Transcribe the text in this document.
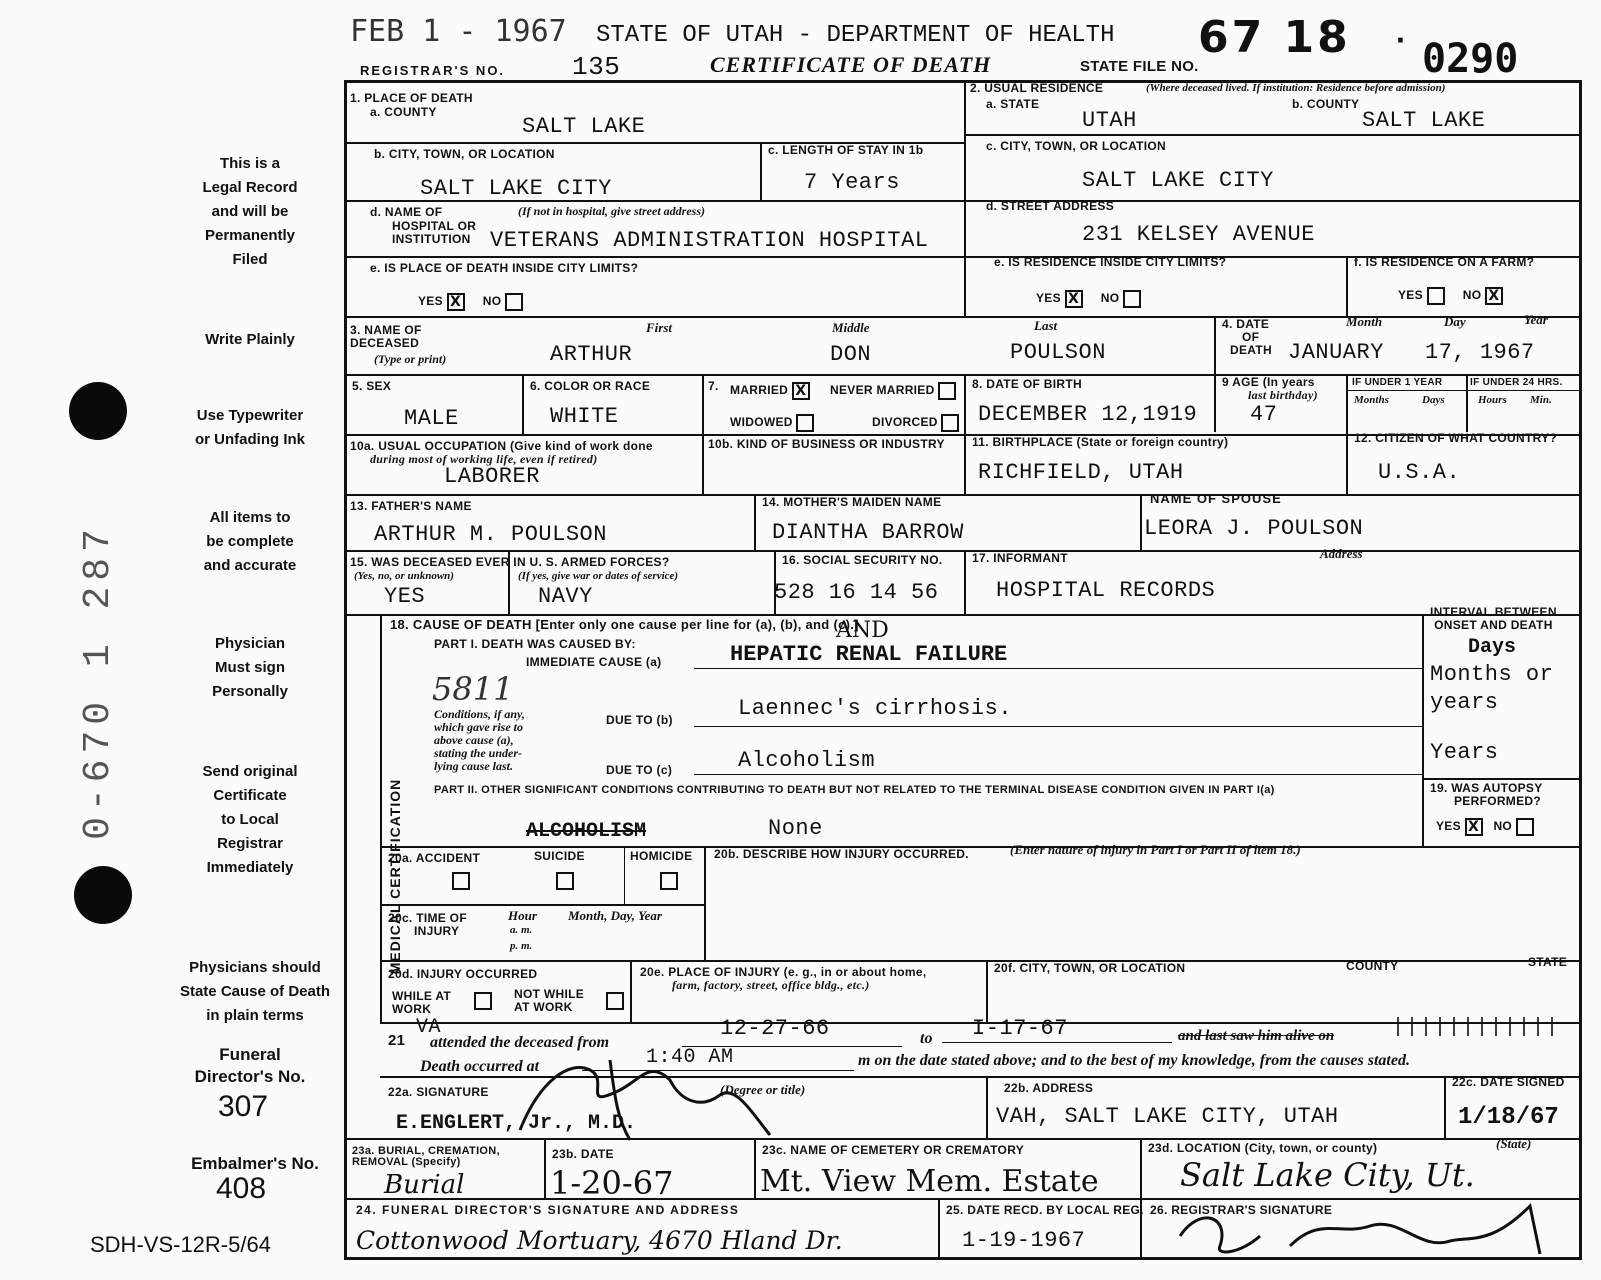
FEB 1 - 1967 STATE OF UTAH - DEPARTMENT OF HEALTH
REGISTRAR'S NO.	135	CERTIFICATE OF DEATH	STATE FILE NO.
67 18 · 0290
This is a
Legal Record
and will be
Permanently
Filed
Write Plainly
Use Typewriter
or Unfading Ink
All items to
be complete
and accurate
Physician
Must sign
Personally
Send original
Certificate
to Local
Registrar
Immediately
Physicians should
State Cause of Death
in plain terms
Funeral
Director's No.
307
Embalmer's No.
408
SDH-VS-12R-5/64
0-670 1 287
1. PLACE OF DEATH
a. COUNTY
SALT LAKE
2. USUAL RESIDENCE	(Where deceased lived. If institution: Residence before admission)
a. STATE
UTAH
b. COUNTY
SALT LAKE
b. CITY, TOWN, OR LOCATION
SALT LAKE CITY
c. LENGTH OF STAY IN 1b
7 Years
c. CITY, TOWN, OR LOCATION
SALT LAKE CITY
d. NAME OF
HOSPITAL OR
INSTITUTION
(If not in hospital, give street address)
VETERANS ADMINISTRATION HOSPITAL
d. STREET ADDRESS
231 KELSEY AVENUE
e. IS PLACE OF DEATH INSIDE CITY LIMITS?
YES X NO
e. IS RESIDENCE INSIDE CITY LIMITS?
YES X NO
f. IS RESIDENCE ON A FARM?
YES	NO X
3. NAME OF
DECEASED
(Type or print)
First	Middle	Last
ARTHUR	DON	POULSON
4. DATE
OF
DEATH
Month	Day	Year
JANUARY   17, 1967
5. SEX
MALE
6. COLOR OR RACE
WHITE
7. MARRIED X NEVER MARRIED
WIDOWED	DIVORCED
8. DATE OF BIRTH
DECEMBER 12,1919
9 AGE (In years
last birthday)
47
IF UNDER 1 YEAR	IF UNDER 24 HRS.
Months	Days	Hours Min.
10a. USUAL OCCUPATION (Give kind of work done
during most of working life, even if retired)
LABORER
10b. KIND OF BUSINESS OR INDUSTRY 11. BIRTHPLACE (State or foreign country)
RICHFIELD, UTAH
12. CITIZEN OF WHAT COUNTRY?
U.S.A.
13. FATHER'S NAME
ARTHUR M. POULSON
14. MOTHER'S MAIDEN NAME
DIANTHA BARROW
NAME OF SPOUSE
LEORA J. POULSON
15. WAS DECEASED EVER IN U. S. ARMED FORCES?
(Yes, no, or unknown)	(If yes, give war or dates of service)
YES	NAVY
16. SOCIAL SECURITY NO.
528 16 14 56
17. INFORMANT	Address
HOSPITAL RECORDS
MEDICAL CERTIFICATION
18. CAUSE OF DEATH [Enter only one cause per line for (a), (b), and (c).]
PART I. DEATH WAS CAUSED BY:
IMMEDIATE CAUSE (a)	HEPATIC RENAL FAILURE
AND
5811
Conditions, if any,
which gave rise to
above cause (a),
stating the under-
lying cause last.
DUE TO (b)	Laennec's cirrhosis.
DUE TO (c)	Alcoholism
INTERVAL BETWEEN
ONSET AND DEATH
Days
Months or
years
Years
PART II. OTHER SIGNIFICANT CONDITIONS CONTRIBUTING TO DEATH BUT NOT RELATED TO THE TERMINAL DISEASE CONDITION GIVEN IN PART I(a)
ALCOHOLISM	None
19. WAS AUTOPSY
PERFORMED?
YES X NO
20a. ACCIDENT	SUICIDE	HOMICIDE 20b. DESCRIBE HOW INJURY OCCURRED.	(Enter nature of injury in Part I or Part II of item 18.)
20c. TIME OF
INJURY
Hour
a. m.
p. m.
Month, Day, Year
20d. INJURY OCCURRED
WHILE AT
WORK
NOT WHILE
AT WORK
20e. PLACE OF INJURY (e. g., in or about home,
farm, factory, street, office bldg., etc.)
20f. CITY, TOWN, OR LOCATION	COUNTY	STATE
21
VA
attended the deceased from
12-27-66	to I-17-67	and last saw him alive on	||||||||||||
Death occurred at	1:40 AM	m on the date stated above; and to the best of my knowledge, from the causes stated.
22a. SIGNATURE	(Degree or title)
E.ENGLERT, Jr., M.D.
22b. ADDRESS
VAH, SALT LAKE CITY, UTAH
22c. DATE SIGNED
1/18/67
23a. BURIAL, CREMATION,
REMOVAL (Specify)
Burial
23b. DATE
1-20-67
23c. NAME OF CEMETERY OR CREMATORY
Mt. View Mem. Estate
23d. LOCATION (City, town, or county)	(State)
Salt Lake City, Ut.
24. FUNERAL DIRECTOR'S SIGNATURE AND ADDRESS
Cottonwood Mortuary, 4670 Hland Dr.
25. DATE RECD. BY LOCAL REG.
1-19-1967
26. REGISTRAR'S SIGNATURE
